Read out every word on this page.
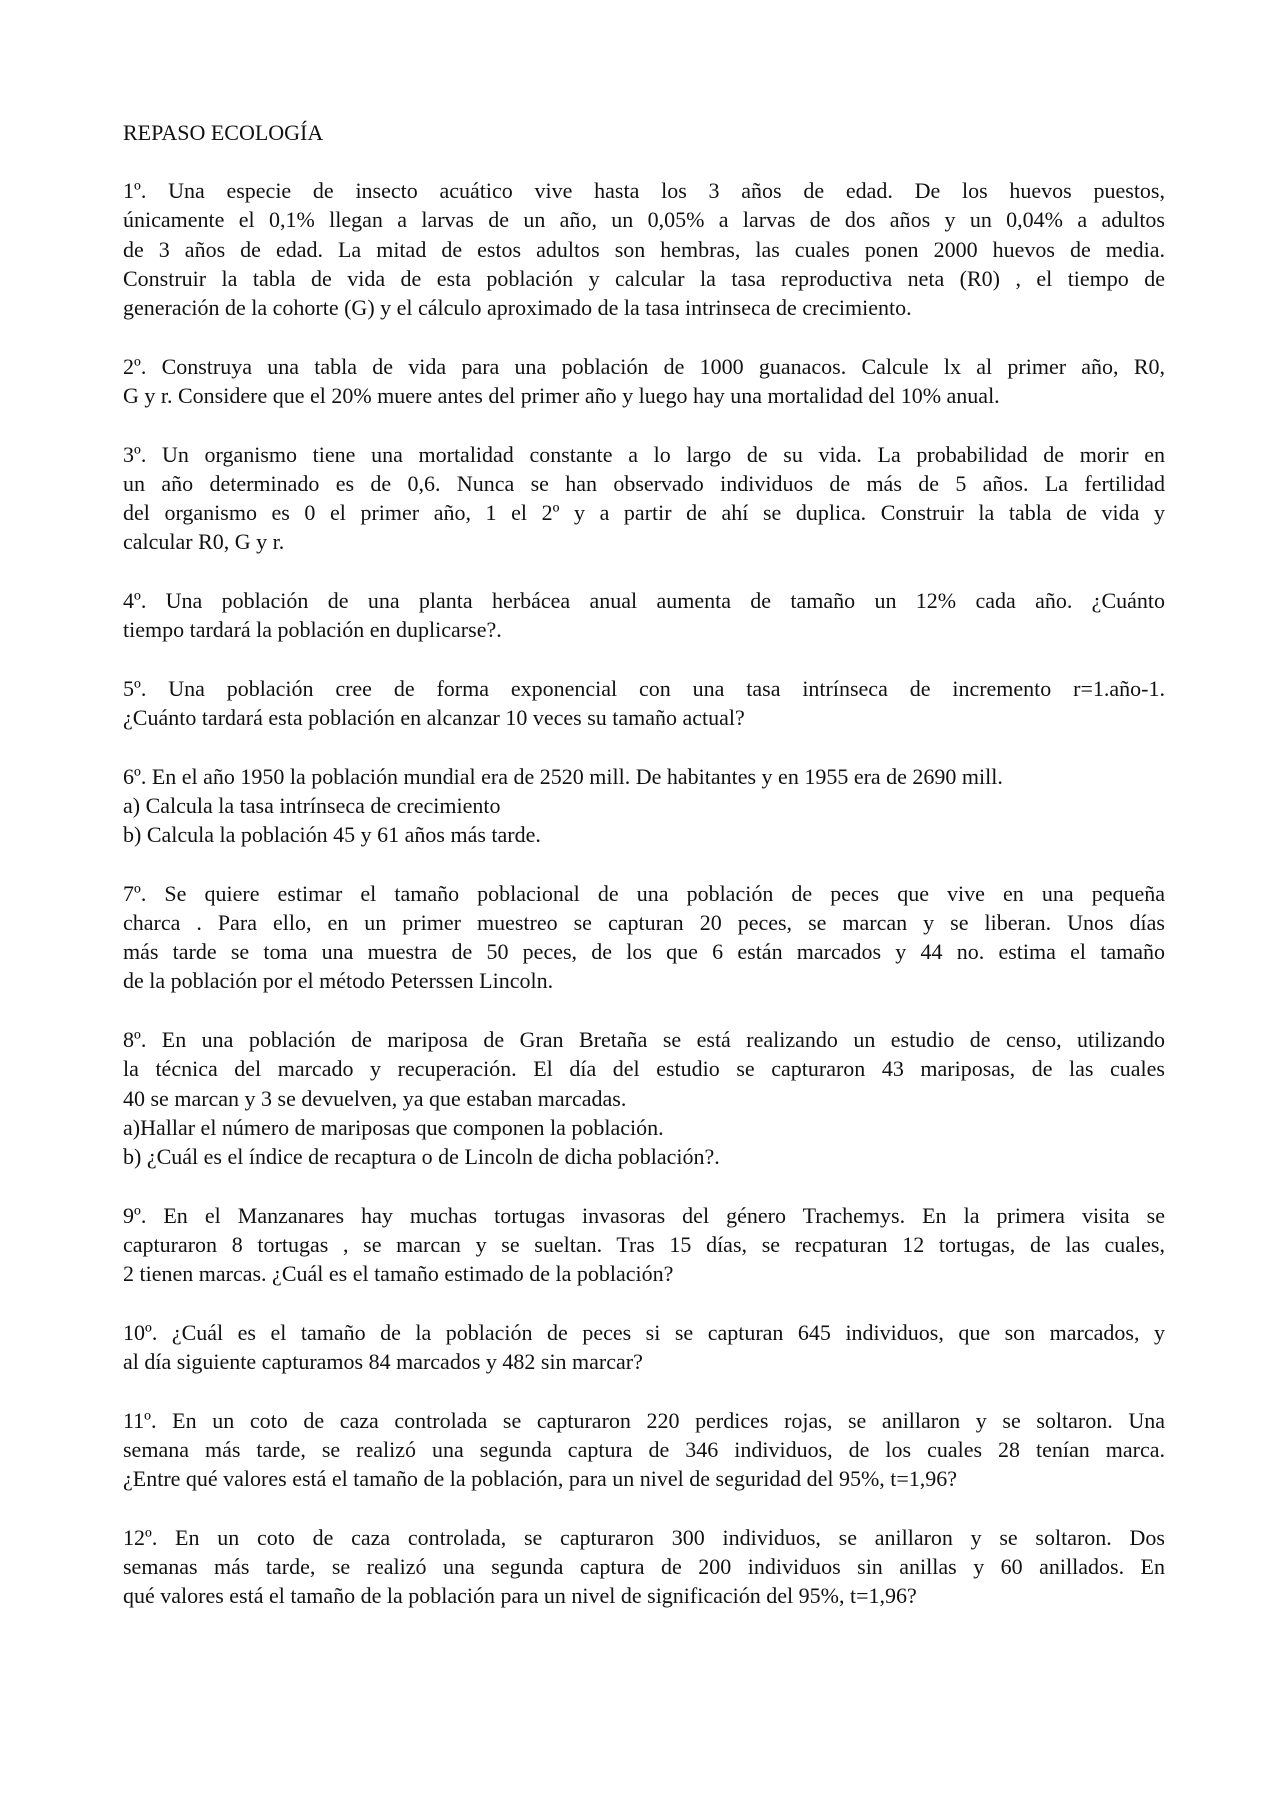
REPASO ECOLOGÍA
1º. Una especie de insecto acuático vive hasta los 3 años de edad. De los huevos puestos,
únicamente el 0,1% llegan a larvas de un año, un 0,05% a larvas de dos años y un 0,04% a adultos
de 3 años de edad. La mitad de estos adultos son hembras, las cuales ponen 2000 huevos de media.
Construir la tabla de vida de esta población y calcular la tasa reproductiva neta (R0) , el tiempo de
generación de la cohorte (G) y el cálculo aproximado de la tasa intrinseca de crecimiento.
2º. Construya una tabla de vida para una población de 1000 guanacos. Calcule lx al primer año, R0,
G y r. Considere que el 20% muere antes del primer año y luego hay una mortalidad del 10% anual.
3º. Un organismo tiene una mortalidad constante a lo largo de su vida. La probabilidad de morir en
un año determinado es de 0,6. Nunca se han observado individuos de más de 5 años. La fertilidad
del organismo es 0 el primer año, 1 el 2º y a partir de ahí se duplica. Construir la tabla de vida y
calcular R0, G y r.
4º. Una población de una planta herbácea anual aumenta de tamaño un 12% cada año. ¿Cuánto
tiempo tardará la población en duplicarse?.
5º. Una población cree de forma exponencial con una tasa intrínseca de incremento r=1.año-1.
¿Cuánto tardará esta población en alcanzar 10 veces su tamaño actual?
6º. En el año 1950 la población mundial era de 2520 mill. De habitantes y en 1955 era de 2690 mill.
a) Calcula la tasa intrínseca de crecimiento
b) Calcula la población 45 y 61 años más tarde.
7º. Se quiere estimar el tamaño poblacional de una población de peces que vive en una pequeña
charca . Para ello, en un primer muestreo se capturan 20 peces, se marcan y se liberan. Unos días
más tarde se toma una muestra de 50 peces, de los que 6 están marcados y 44 no. estima el tamaño
de la población por el método Peterssen Lincoln.
8º. En una población de mariposa de Gran Bretaña se está realizando un estudio de censo, utilizando
la técnica del marcado y recuperación. El día del estudio se capturaron 43 mariposas, de las cuales
40 se marcan y 3 se devuelven, ya que estaban marcadas.
a)Hallar el número de mariposas que componen la población.
b) ¿Cuál es el índice de recaptura o de Lincoln de dicha población?.
9º. En el Manzanares hay muchas tortugas invasoras del género Trachemys. En la primera visita se
capturaron 8 tortugas , se marcan y se sueltan. Tras 15 días, se recpaturan 12 tortugas, de las cuales,
2 tienen marcas. ¿Cuál es el tamaño estimado de la población?
10º. ¿Cuál es el tamaño de la población de peces si se capturan 645 individuos, que son marcados, y
al día siguiente capturamos 84 marcados y 482 sin marcar?
11º. En un coto de caza controlada se capturaron 220 perdices rojas, se anillaron y se soltaron. Una
semana más tarde, se realizó una segunda captura de 346 individuos, de los cuales 28 tenían marca.
¿Entre qué valores está el tamaño de la población, para un nivel de seguridad del 95%, t=1,96?
12º. En un coto de caza controlada, se capturaron 300 individuos, se anillaron y se soltaron. Dos
semanas más tarde, se realizó una segunda captura de 200 individuos sin anillas y 60 anillados. En
qué valores está el tamaño de la población para un nivel de significación del 95%, t=1,96?
